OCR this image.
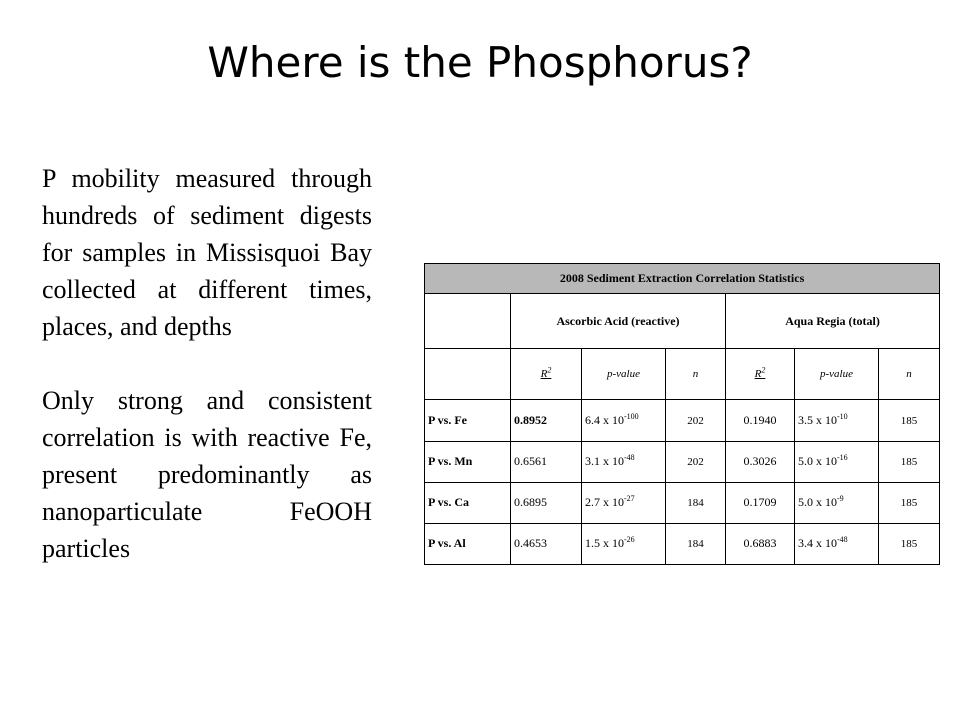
Where is the Phosphorus?

P mobility measured through hundreds of sediment digests for samples in Missisquoi Bay collected at different times, places, and depths

Only strong and consistent correlation is with reactive Fe, present predominantly as nanoparticulate FeOOH particles

2008 Sediment Extraction Correlation Statistics						
	Ascorbic Acid (reactive)			Aqua Regia (total)		
	$R^2$	p-value	n	$R^2$	p-value	n
P vs. Fe	0.8952	6.4 x $10^{-100}$	202	0.1940	3.5 x $10^{-10}$	185
P vs. Mn	0.6561	3.1 x $10^{-48}$	202	0.3026	5.0 x $10^{-16}$	185
P vs. Ca	0.6895	2.7 x $10^{-27}$	184	0.1709	5.0 x $10^{-9}$	185
P vs. Al	0.4653	1.5 x $10^{-26}$	184	0.6883	3.4 x $10^{-48}$	185
